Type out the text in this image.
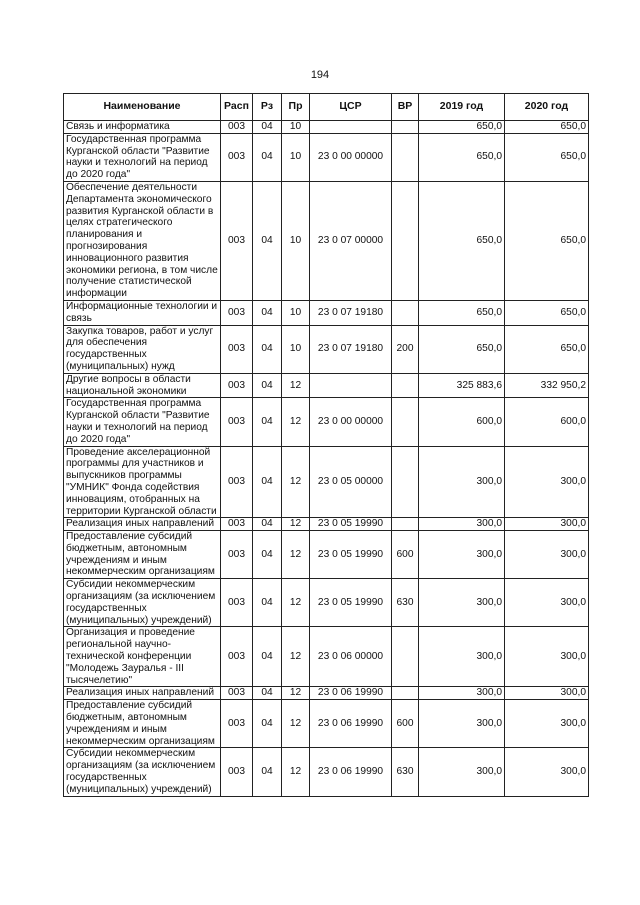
194
Наименование	Расп	Рз	Пр	ЦСР	ВР	2019 год	2020 год
Связь и информатика	003	04	10			650,0	650,0
Государственная программа Курганской области "Развитие науки и технологий на период до 2020 года"	003	04	10	23 0 00 00000		650,0	650,0
Обеспечение деятельности Департамента экономического развития Курганской области в целях стратегического планирования и прогнозирования инновационного развития экономики региона, в том числе получение статистической информации	003	04	10	23 0 07 00000		650,0	650,0
Информационные технологии и связь	003	04	10	23 0 07 19180		650,0	650,0
Закупка товаров, работ и услуг для обеспечения государственных (муниципальных) нужд	003	04	10	23 0 07 19180	200	650,0	650,0
Другие вопросы в области национальной экономики	003	04	12			325 883,6	332 950,2
Государственная программа Курганской области "Развитие науки и технологий на период до 2020 года"	003	04	12	23 0 00 00000		600,0	600,0
Проведение акселерационной программы для участников и выпускников программы "УМНИК" Фонда содействия инновациям, отобранных на территории Курганской области	003	04	12	23 0 05 00000		300,0	300,0
Реализация иных направлений	003	04	12	23 0 05 19990		300,0	300,0
Предоставление субсидий бюджетным, автономным учреждениям и иным некоммерческим организациям	003	04	12	23 0 05 19990	600	300,0	300,0
Субсидии некоммерческим организациям (за исключением государственных (муниципальных) учреждений)	003	04	12	23 0 05 19990	630	300,0	300,0
Организация и проведение региональной научно-технической конференции "Молодежь Зауралья - III тысячелетию"	003	04	12	23 0 06 00000		300,0	300,0
Реализация иных направлений	003	04	12	23 0 06 19990		300,0	300,0
Предоставление субсидий бюджетным, автономным учреждениям и иным некоммерческим организациям	003	04	12	23 0 06 19990	600	300,0	300,0
Субсидии некоммерческим организациям (за исключением государственных (муниципальных) учреждений)	003	04	12	23 0 06 19990	630	300,0	300,0
